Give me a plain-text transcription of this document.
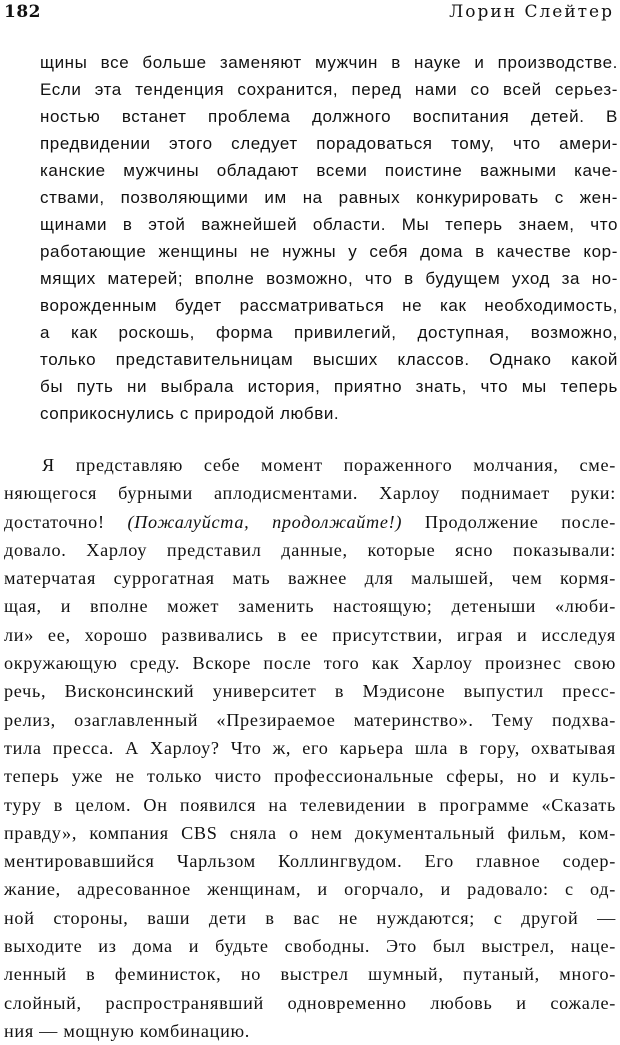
182	Лорин Слейтер
щины все больше заменяют мужчин в науке и производстве.
Если эта тенденция сохранится, перед нами со всей серьез-
ностью встанет проблема должного воспитания детей. В
предвидении этого следует порадоваться тому, что амери-
канские мужчины обладают всеми поистине важными каче-
ствами, позволяющими им на равных конкурировать с жен-
щинами в этой важнейшей области. Мы теперь знаем, что
работающие женщины не нужны у себя дома в качестве кор-
мящих матерей; вполне возможно, что в будущем уход за но-
ворожденным будет рассматриваться не как необходимость,
а как роскошь, форма привилегий, доступная, возможно,
только представительницам высших классов. Однако какой
бы путь ни выбрала история, приятно знать, что мы теперь
соприкоснулись с природой любви.
Я представляю себе момент пораженного молчания, сме-
няющегося бурными аплодисментами. Харлоу поднимает руки:
достаточно! (Пожалуйста, продолжайте!) Продолжение после-
довало. Харлоу представил данные, которые ясно показывали:
матерчатая суррогатная мать важнее для малышей, чем кормя-
щая, и вполне может заменить настоящую; детеныши «люби-
ли» ее, хорошо развивались в ее присутствии, играя и исследуя
окружающую среду. Вскоре после того как Харлоу произнес свою
речь, Висконсинский университет в Мэдисоне выпустил пресс-
релиз, озаглавленный «Презираемое материнство». Тему подхва-
тила пресса. А Харлоу? Что ж, его карьера шла в гору, охватывая
теперь уже не только чисто профессиональные сферы, но и куль-
туру в целом. Он появился на телевидении в программе «Сказать
правду», компания CBS сняла о нем документальный фильм, ком-
ментировавшийся Чарльзом Коллингвудом. Его главное содер-
жание, адресованное женщинам, и огорчало, и радовало: с од-
ной стороны, ваши дети в вас не нуждаются; с другой —
выходите из дома и будьте свободны. Это был выстрел, наце-
ленный в феминисток, но выстрел шумный, путаный, много-
слойный, распространявший одновременно любовь и сожале-
ния — мощную комбинацию.
